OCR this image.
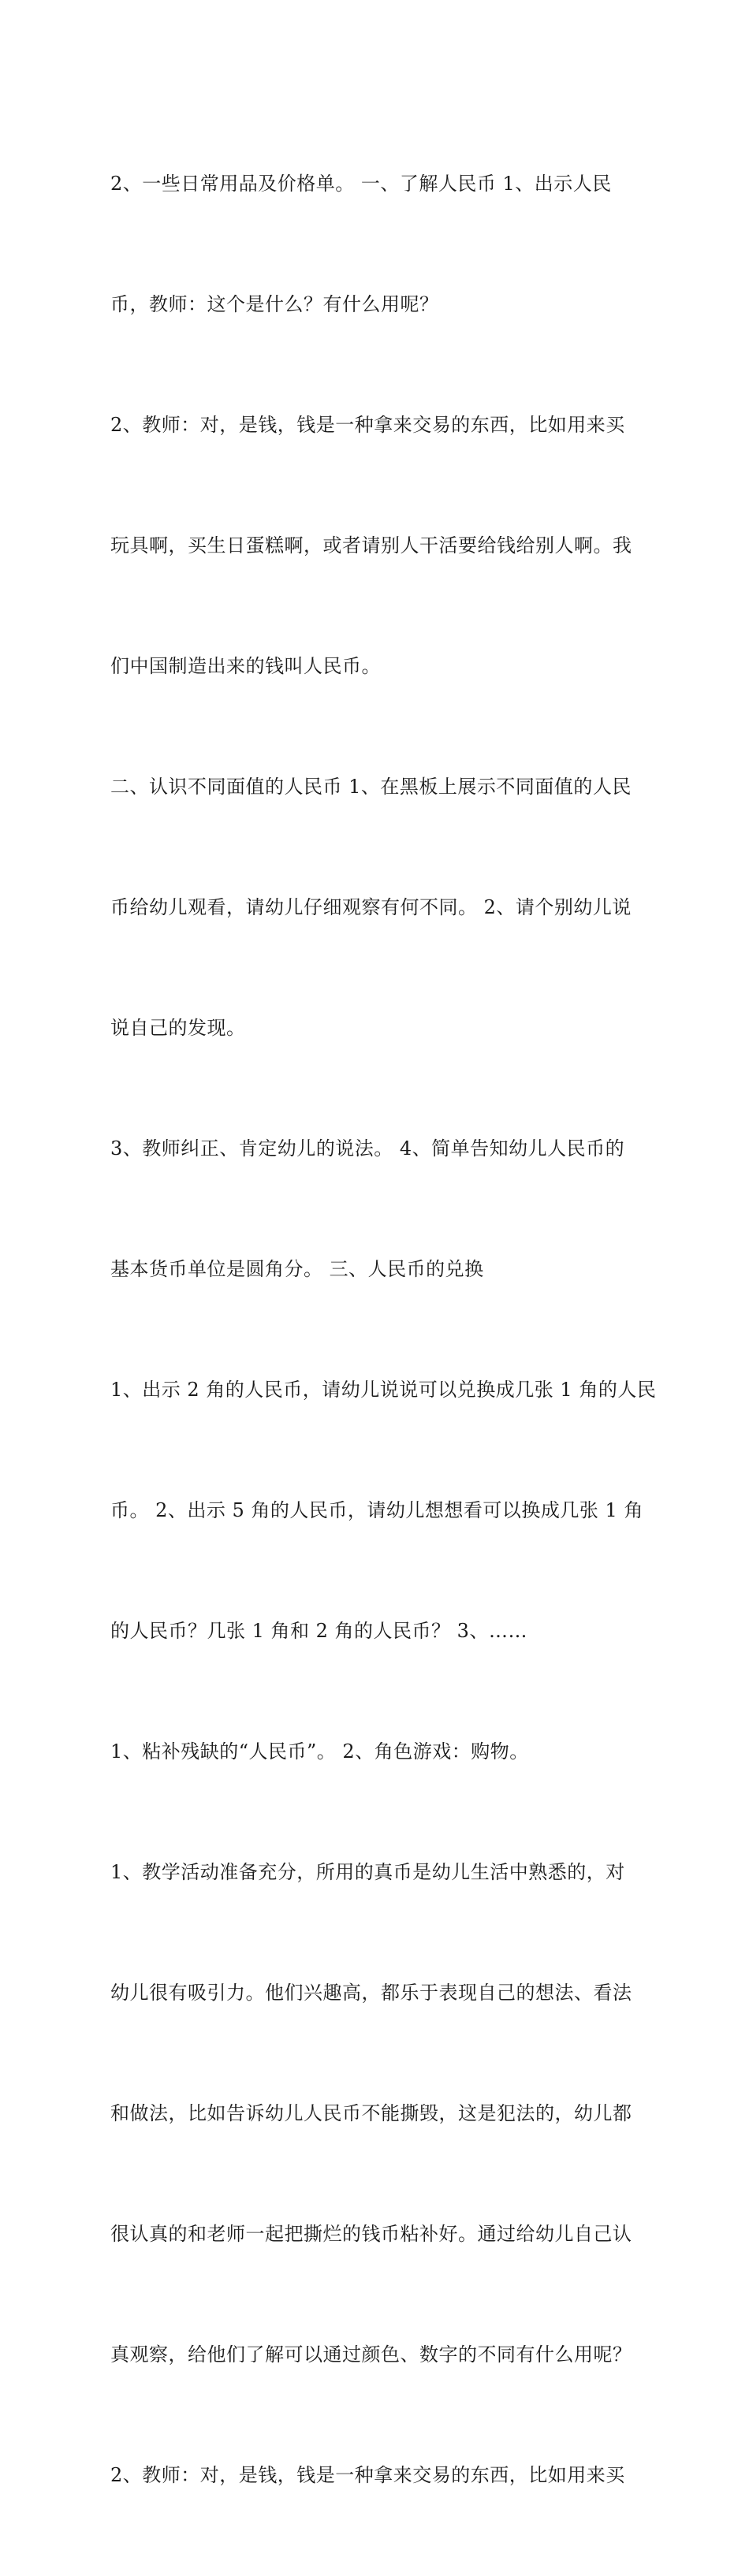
2、一些日常用品及价格单。 一、了解人民币 1、出示人民

币，教师：这个是什么？有什么用呢？

2、教师：对，是钱，钱是一种拿来交易的东西，比如用来买

玩具啊，买生日蛋糕啊，或者请别人干活要给钱给别人啊。我

们中国制造出来的钱叫人民币。

二、认识不同面值的人民币 1、在黑板上展示不同面值的人民

币给幼儿观看，请幼儿仔细观察有何不同。 2、请个别幼儿说

说自己的发现。

3、教师纠正、肯定幼儿的说法。 4、简单告知幼儿人民币的

基本货币单位是圆角分。 三、人民币的兑换

1、出示 2 角的人民币，请幼儿说说可以兑换成几张 1 角的人民

币。 2、出示 5 角的人民币，请幼儿想想看可以换成几张 1 角

的人民币？几张 1 角和 2 角的人民币？ 3、……

1、粘补残缺的“人民币”。 2、角色游戏：购物。

1、教学活动准备充分，所用的真币是幼儿生活中熟悉的，对

幼儿很有吸引力。他们兴趣高，都乐于表现自己的想法、看法

和做法，比如告诉幼儿人民币不能撕毁，这是犯法的，幼儿都

很认真的和老师一起把撕烂的钱币粘补好。通过给幼儿自己认

真观察，给他们了解可以通过颜色、数字的不同有什么用呢？

2、教师：对，是钱，钱是一种拿来交易的东西，比如用来买
